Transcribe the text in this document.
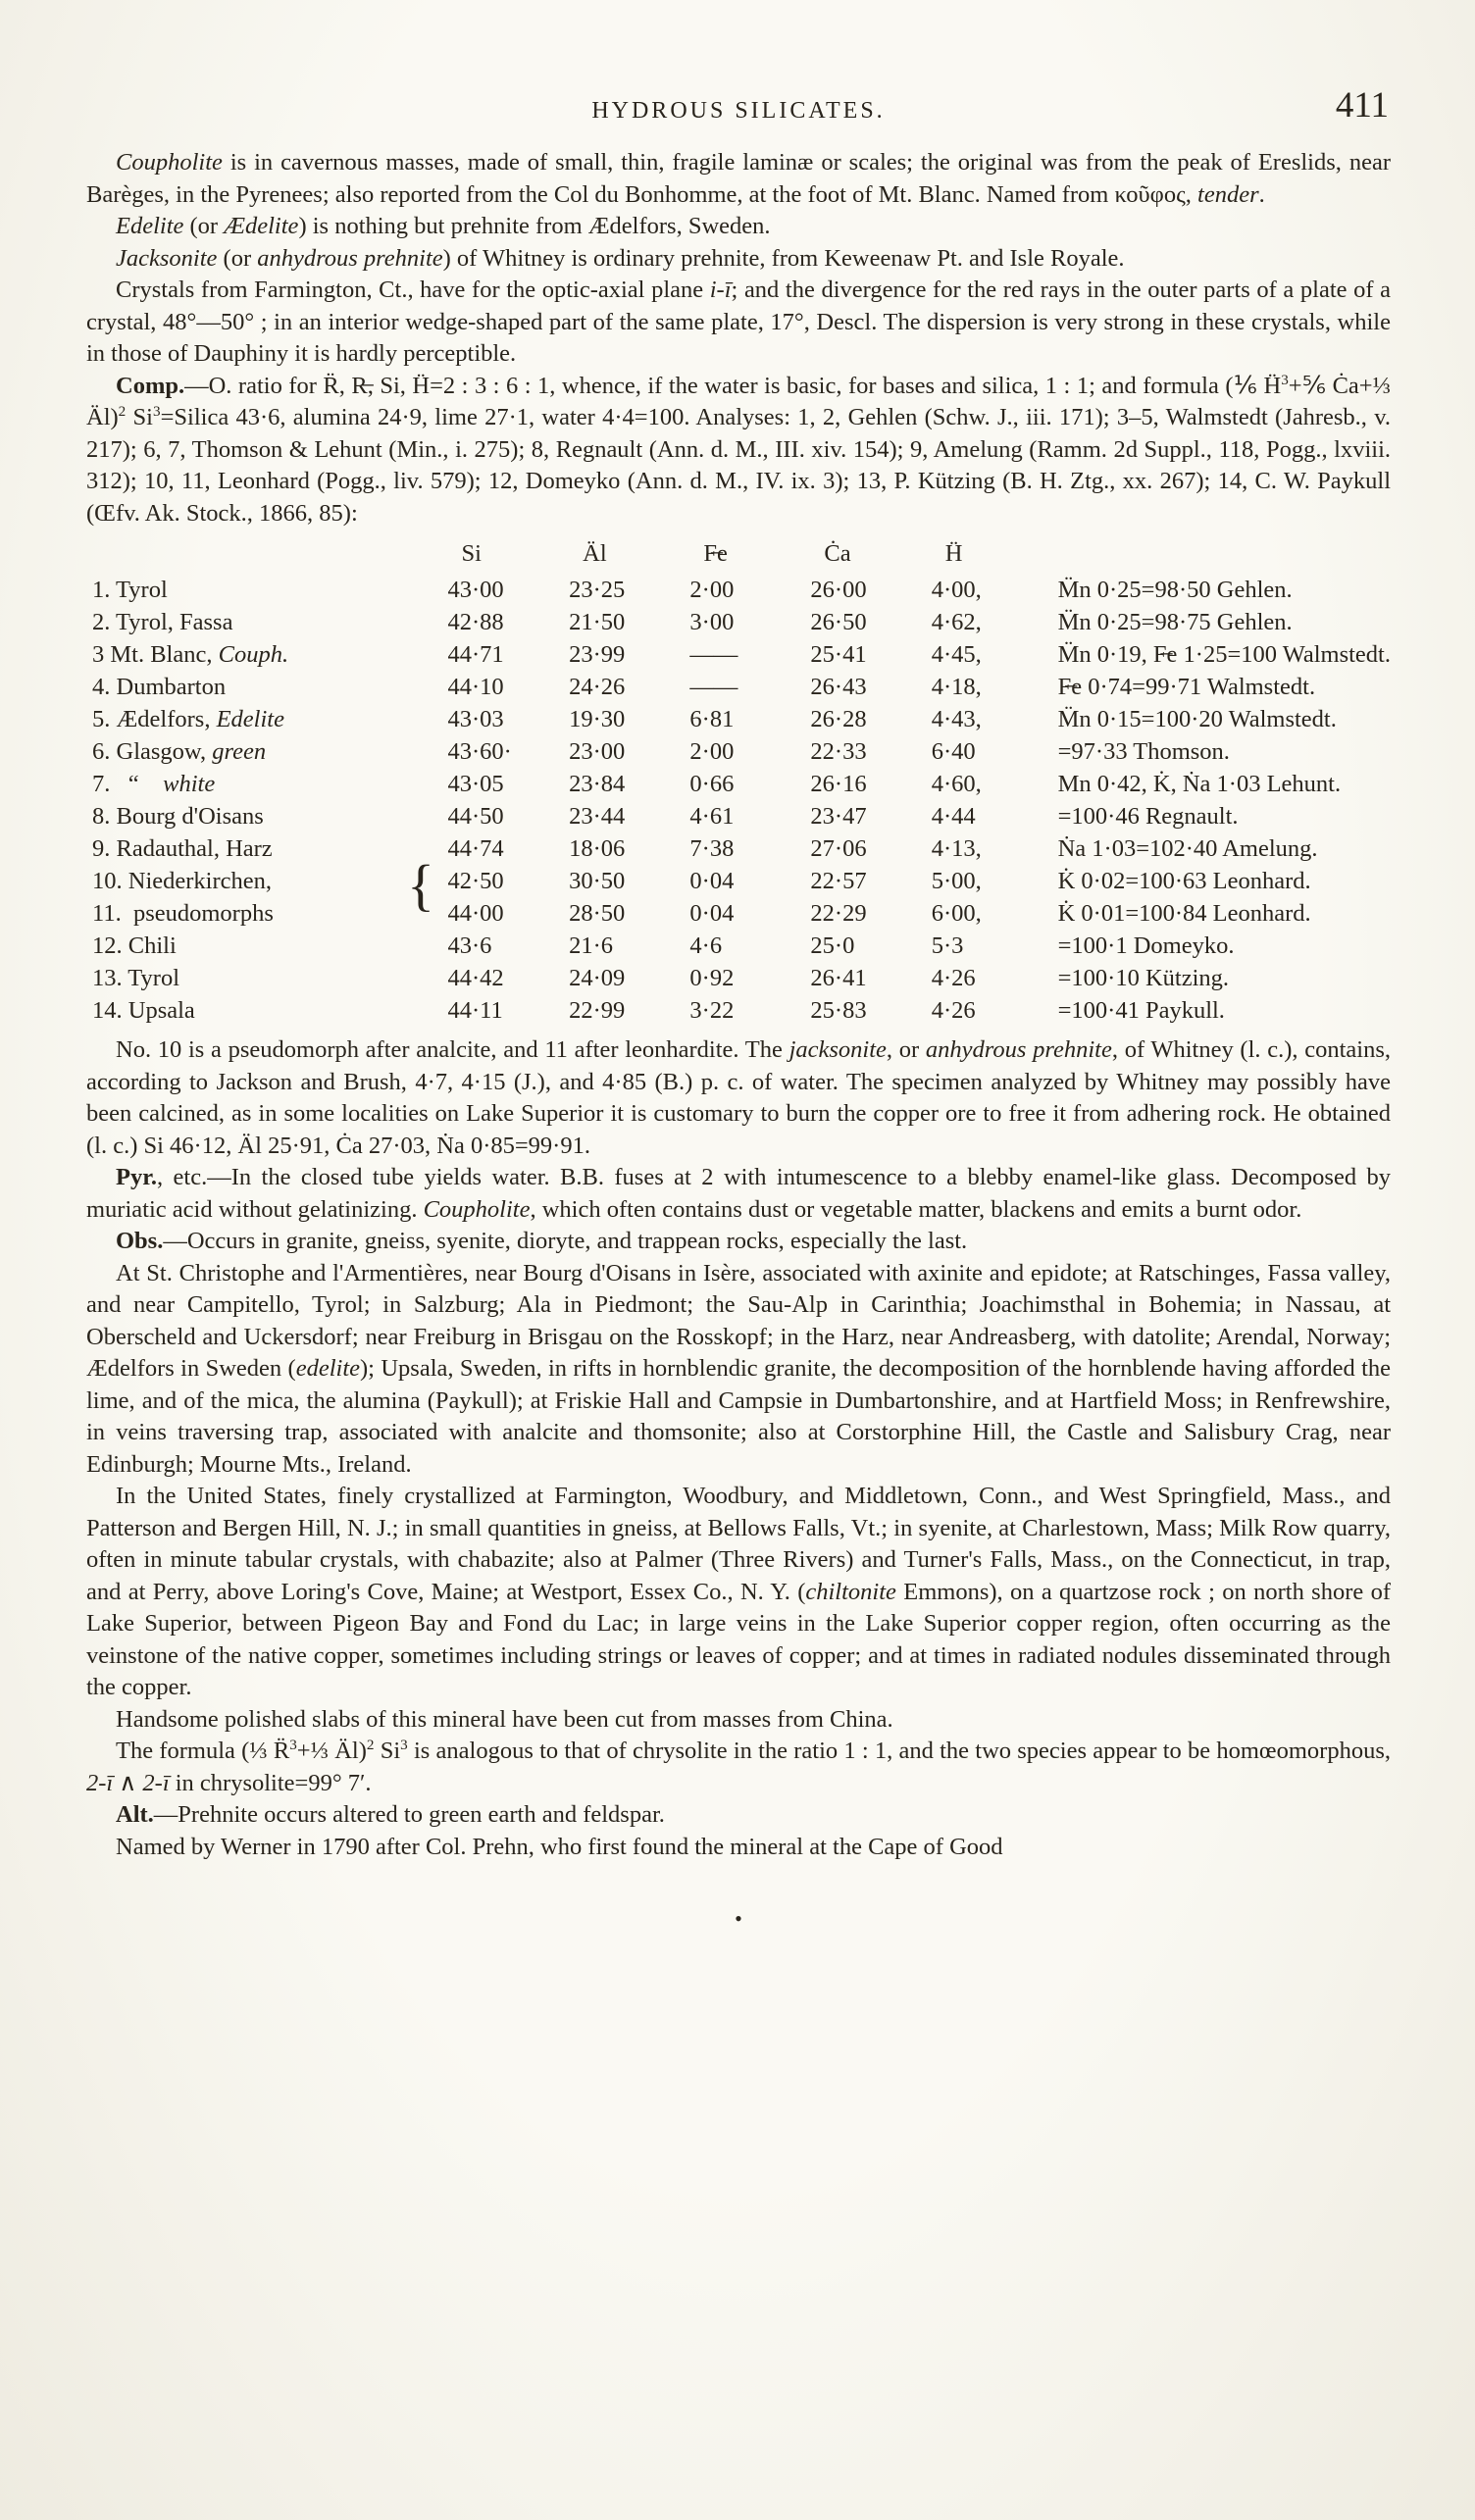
HYDROUS SILICATES.	411

Coupholite is in cavernous masses, made of small, thin, fragile laminæ or scales; the original was from the peak of Ereslids, near Barèges, in the Pyrenees; also reported from the Col du Bonhomme, at the foot of Mt. Blanc. Named from κοῦφος, tender.

Edelite (or Ædelite) is nothing but prehnite from Ædelfors, Sweden.

Jacksonite (or anhydrous prehnite) of Whitney is ordinary prehnite, from Keweenaw Pt. and Isle Royale.

Crystals from Farmington, Ct., have for the optic-axial plane i-ī; and the divergence for the red rays in the outer parts of a plate of a crystal, 48°—50° ; in an interior wedge-shaped part of the same plate, 17°, Descl. The dispersion is very strong in these crystals, while in those of Dauphiny it is hardly perceptible.

Comp.—O. ratio for R̈, R̶, Si, Ḧ=2 : 3 : 6 : 1, whence, if the water is basic, for bases and silica, 1 : 1; and formula (⅙ Ḧ$^3$+⅚ Ċa+⅓ Äl)$^2$ $Si^3=Silica$ 43·6, alumina 24·9, lime 27·1, water 4·4=100. Analyses: 1, 2, Gehlen (Schw. J., iii. 171); 3–5, Walmstedt (Jahresb., v. 217); 6, 7, Thomson & Lehunt (Min., i. 275); 8, Regnault (Ann. d. M., III. xiv. 154); 9, Amelung (Ramm. 2d Suppl., 118, Pogg., lxviii. 312); 10, 11, Leonhard (Pogg., liv. 579); 12, Domeyko (Ann. d. M., IV. ix. 3); 13, P. Kützing (B. H. Ztg., xx. 267); 14, C. W. Paykull (Œfv. Ak. Stock., 1866, 85):

		Si	Äl	F̶e	Ċa	Ḧ	
1. Tyrol		43·00	23·25	2·00	26·00	4·00,	M̈n 0·25=98·50 Gehlen.
2. Tyrol, Fassa		42·88	21·50	3·00	26·50	4·62,	M̈n 0·25=98·75 Gehlen.
3 Mt. Blanc, Couph.		44·71	23·99	——	25·41	4·45,	M̈n 0·19, F̶e 1·25=100 Walmstedt.
4. Dumbarton		44·10	24·26	——	26·43	4·18,	F̶e 0·74=99·71 Walmstedt.
5. Ædelfors, Edelite		43·03	19·30	6·81	26·28	4·43,	M̈n 0·15=100·20 Walmstedt.
6. Glasgow, green		43·60·	23·00	2·00	22·33	6·40	=97·33 Thomson.
7.   “    white		43·05	23·84	0·66	26·16	4·60,	Mn 0·42, K̇, Ṅa 1·03 Lehunt.
8. Bourg d'Oisans		44·50	23·44	4·61	23·47	4·44	=100·46 Regnault.
9. Radauthal, Harz		44·74	18·06	7·38	27·06	4·13,	Ṅa 1·03=102·40 Amelung.
10. Niederkirchen,	{	42·50	30·50	0·04	22·57	5·00,	K̇ 0·02=100·63 Leonhard.
11.  pseudomorphs		44·00	28·50	0·04	22·29	6·00,	K̇ 0·01=100·84 Leonhard.
12. Chili		43·6	21·6	4·6	25·0	5·3	=100·1 Domeyko.
13. Tyrol		44·42	24·09	0·92	26·41	4·26	=100·10 Kützing.
14. Upsala		44·11	22·99	3·22	25·83	4·26	=100·41 Paykull.

No. 10 is a pseudomorph after analcite, and 11 after leonhardite. The jacksonite, or anhydrous prehnite, of Whitney (l. c.), contains, according to Jackson and Brush, 4·7, 4·15 (J.), and 4·85 (B.) p. c. of water. The specimen analyzed by Whitney may possibly have been calcined, as in some localities on Lake Superior it is customary to burn the copper ore to free it from adhering rock. He obtained (l. c.) Si 46·12, Äl 25·91, Ċa 27·03, Ṅa 0·85=99·91.

Pyr., etc.—In the closed tube yields water. B.B. fuses at 2 with intumescence to a blebby enamel-like glass. Decomposed by muriatic acid without gelatinizing. Coupholite, which often contains dust or vegetable matter, blackens and emits a burnt odor.

Obs.—Occurs in granite, gneiss, syenite, dioryte, and trappean rocks, especially the last.

At St. Christophe and l'Armentières, near Bourg d'Oisans in Isère, associated with axinite and epidote; at Ratschinges, Fassa valley, and near Campitello, Tyrol; in Salzburg; Ala in Piedmont; the Sau-Alp in Carinthia; Joachimsthal in Bohemia; in Nassau, at Oberscheld and Uckersdorf; near Freiburg in Brisgau on the Rosskopf; in the Harz, near Andreasberg, with datolite; Arendal, Norway; Ædelfors in Sweden (edelite); Upsala, Sweden, in rifts in hornblendic granite, the decomposition of the hornblende having afforded the lime, and of the mica, the alumina (Paykull); at Friskie Hall and Campsie in Dumbartonshire, and at Hartfield Moss; in Renfrewshire, in veins traversing trap, associated with analcite and thomsonite; also at Corstorphine Hill, the Castle and Salisbury Crag, near Edinburgh; Mourne Mts., Ireland.

In the United States, finely crystallized at Farmington, Woodbury, and Middletown, Conn., and West Springfield, Mass., and Patterson and Bergen Hill, N. J.; in small quantities in gneiss, at Bellows Falls, Vt.; in syenite, at Charlestown, Mass; Milk Row quarry, often in minute tabular crystals, with chabazite; also at Palmer (Three Rivers) and Turner's Falls, Mass., on the Connecticut, in trap, and at Perry, above Loring's Cove, Maine; at Westport, Essex Co., N. Y. (chiltonite Emmons), on a quartzose rock ; on north shore of Lake Superior, between Pigeon Bay and Fond du Lac; in large veins in the Lake Superior copper region, often occurring as the veinstone of the native copper, sometimes including strings or leaves of copper; and at times in radiated nodules disseminated through the copper.

Handsome polished slabs of this mineral have been cut from masses from China.

The formula (⅓ R̈$^3$+⅓ Äl)$^2$ Si$^3$ is analogous to that of chrysolite in the ratio 1 : 1, and the two species appear to be homœomorphous, 2-ī ∧ 2-ī in chrysolite=99° 7′.

Alt.—Prehnite occurs altered to green earth and feldspar.

Named by Werner in 1790 after Col. Prehn, who first found the mineral at the Cape of Good

•
